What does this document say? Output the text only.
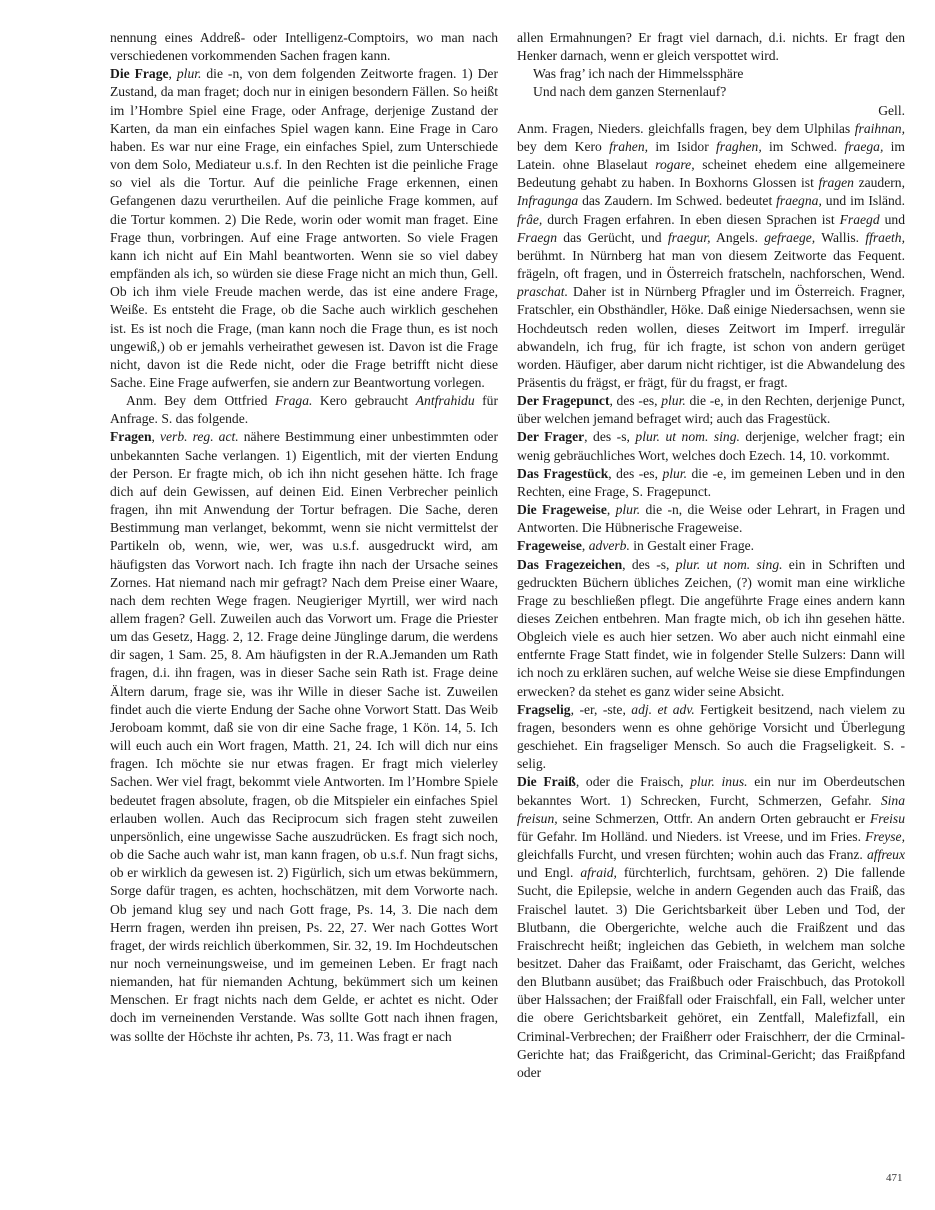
nennung eines Addreß- oder Intelligenz-Comptoirs, wo man nach verschiedenen vorkommenden Sachen fragen kann.

Die Frage, plur. die -n, von dem folgenden Zeitworte fragen. 1) Der Zustand, da man fraget; doch nur in einigen besondern Fällen. So heißt im l’Hombre Spiel eine Frage, oder Anfrage, derjenige Zustand der Karten, da man ein einfaches Spiel wagen kann. Eine Frage in Caro haben. Es war nur eine Frage, ein einfaches Spiel, zum Unterschiede von dem Solo, Mediateur u.s.f. In den Rechten ist die peinliche Frage so viel als die Tortur. Auf die peinliche Frage erkennen, einen Gefangenen dazu verurtheilen. Auf die peinliche Frage kommen, auf die Tortur kommen. 2) Die Rede, worin oder womit man fraget. Eine Frage thun, vorbringen. Auf eine Frage antworten. So viele Fragen kann ich nicht auf Ein Mahl beantworten. Wenn sie so viel dabey empfänden als ich, so würden sie diese Frage nicht an mich thun, Gell. Ob ich ihm viele Freude machen werde, das ist eine andere Frage, Weiße. Es entsteht die Frage, ob die Sache auch wirklich geschehen ist. Es ist noch die Frage, (man kann noch die Frage thun, es ist noch ungewiß,) ob er jemahls verheirathet gewesen ist. Davon ist die Frage nicht, davon ist die Rede nicht, oder die Frage betrifft nicht diese Sache. Eine Frage aufwerfen, sie andern zur Beantwortung vorlegen.

Anm. Bey dem Ottfried Fraga. Kero gebraucht Antfrahidu für Anfrage. S. das folgende.

Fragen, verb. reg. act. nähere Bestimmung einer unbestimmten oder unbekannten Sache verlangen. 1) Eigentlich, mit der vierten Endung der Person. Er fragte mich, ob ich ihn nicht gesehen hätte. Ich frage dich auf dein Gewissen, auf deinen Eid. Einen Verbrecher peinlich fragen, ihn mit Anwendung der Tortur befragen. Die Sache, deren Bestimmung man verlanget, bekommt, wenn sie nicht vermittelst der Partikeln ob, wenn, wie, wer, was u.s.f. ausgedruckt wird, am häufigsten das Vorwort nach. Ich fragte ihn nach der Ursache seines Zornes. Hat niemand nach mir gefragt? Nach dem Preise einer Waare, nach dem rechten Wege fragen. Neugieriger Myrtill, wer wird nach allem fragen? Gell. Zuweilen auch das Vorwort um. Frage die Priester um das Gesetz, Hagg. 2, 12. Frage deine Jünglinge darum, die werdens dir sagen, 1 Sam. 25, 8. Am häufigsten in der R.A.Jemanden um Rath fragen, d.i. ihn fragen, was in dieser Sache sein Rath ist. Frage deine Ältern darum, frage sie, was ihr Wille in dieser Sache ist. Zuweilen findet auch die vierte Endung der Sache ohne Vorwort Statt. Das Weib Jeroboam kommt, daß sie von dir eine Sache frage, 1 Kön. 14, 5. Ich will euch auch ein Wort fragen, Matth. 21, 24. Ich will dich nur eins fragen. Ich möchte sie nur etwas fragen. Er fragt mich vielerley Sachen. Wer viel fragt, bekommt viele Antworten. Im l’Hombre Spiele bedeutet fragen absolute, fragen, ob die Mitspieler ein einfaches Spiel erlauben wollen. Auch das Reciprocum sich fragen steht zuweilen unpersönlich, eine ungewisse Sache auszudrücken. Es fragt sich noch, ob die Sache auch wahr ist, man kann fragen, ob u.s.f. Nun fragt sichs, ob er wirklich da gewesen ist. 2) Figürlich, sich um etwas bekümmern, Sorge dafür tragen, es achten, hochschätzen, mit dem Vorworte nach. Ob jemand klug sey und nach Gott frage, Ps. 14, 3. Die nach dem Herrn fragen, werden ihn preisen, Ps. 22, 27. Wer nach Gottes Wort fraget, der wirds reichlich überkommen, Sir. 32, 19. Im Hochdeutschen nur noch verneinungsweise, und im gemeinen Leben. Er fragt nach niemanden, hat für niemanden Achtung, bekümmert sich um keinen Menschen. Er fragt nichts nach dem Gelde, er achtet es nicht. Oder doch im verneinenden Verstande. Was sollte Gott nach ihnen fragen, was sollte der Höchste ihr achten, Ps. 73, 11. Was fragt er nach

allen Ermahnungen? Er fragt viel darnach, d.i. nichts. Er fragt den Henker darnach, wenn er gleich verspottet wird.

Was frag’ ich nach der Himmelssphäre

Und nach dem ganzen Sternenlauf?

Gell.

Anm. Fragen, Nieders. gleichfalls fragen, bey dem Ulphilas fraihnan, bey dem Kero frahen, im Isidor fraghen, im Schwed. fraega, im Latein. ohne Blaselaut rogare, scheinet ehedem eine allgemeinere Bedeutung gehabt zu haben. In Boxhorns Glossen ist fragen zaudern, Infragunga das Zaudern. Im Schwed. bedeutet fraegna, und im Isländ. frâe, durch Fragen erfahren. In eben diesen Sprachen ist Fraegd und Fraegn das Gerücht, und fraegur, Angels. gefraege, Wallis. ffraeth, berühmt. In Nürnberg hat man von diesem Zeitworte das Fequent. frägeln, oft fragen, und in Österreich fratscheln, nachforschen, Wend. praschat. Daher ist in Nürnberg Pfragler und im Österreich. Fragner, Fratschler, ein Obsthändler, Höke. Daß einige Niedersachsen, wenn sie Hochdeutsch reden wollen, dieses Zeitwort im Imperf. irregulär abwandeln, ich frug, für ich fragte, ist schon von andern gerüget worden. Häufiger, aber darum nicht richtiger, ist die Abwandelung des Präsentis du frägst, er frägt, für du fragst, er fragt.

Der Fragepunct, des -es, plur. die -e, in den Rechten, derjenige Punct, über welchen jemand befraget wird; auch das Fragestück.

Der Frager, des -s, plur. ut nom. sing. derjenige, welcher fragt; ein wenig gebräuchliches Wort, welches doch Ezech. 14, 10. vorkommt.

Das Fragestück, des -es, plur. die -e, im gemeinen Leben und in den Rechten, eine Frage, S. Fragepunct.

Die Frageweise, plur. die -n, die Weise oder Lehrart, in Fragen und Antworten. Die Hübnerische Frageweise.

Frageweise, adverb. in Gestalt einer Frage.

Das Fragezeichen, des -s, plur. ut nom. sing. ein in Schriften und gedruckten Büchern übliches Zeichen, (?) womit man eine wirkliche Frage zu beschließen pflegt. Die angeführte Frage eines andern kann dieses Zeichen entbehren. Man fragte mich, ob ich ihn gesehen hätte. Obgleich viele es auch hier setzen. Wo aber auch nicht einmahl eine entfernte Frage Statt findet, wie in folgender Stelle Sulzers: Dann will ich noch zu erklären suchen, auf welche Weise sie diese Empfindungen erwecken? da stehet es ganz wider seine Absicht.

Fragselig, -er, -ste, adj. et adv. Fertigkeit besitzend, nach vielem zu fragen, besonders wenn es ohne gehörige Vorsicht und Überlegung geschiehet. Ein fragseliger Mensch. So auch die Fragseligkeit. S. -selig.

Die Fraiß, oder die Fraisch, plur. inus. ein nur im Oberdeutschen bekanntes Wort. 1) Schrecken, Furcht, Schmerzen, Gefahr. Sina freisun, seine Schmerzen, Ottfr. An andern Orten gebraucht er Freisu für Gefahr. Im Holländ. und Nieders. ist Vreese, und im Fries. Freyse, gleichfalls Furcht, und vresen fürchten; wohin auch das Franz. affreux und Engl. afraid, fürchterlich, furchtsam, gehören. 2) Die fallende Sucht, die Epilepsie, welche in andern Gegenden auch das Fraiß, das Fraischel lautet. 3) Die Gerichtsbarkeit über Leben und Tod, der Blutbann, die Obergerichte, welche auch die Fraißzent und das Fraischrecht heißt; ingleichen das Gebieth, in welchem man solche besitzet. Daher das Fraißamt, oder Fraischamt, das Gericht, welches den Blutbann ausübet; das Fraißbuch oder Fraischbuch, das Protokoll über Halssachen; der Fraißfall oder Fraischfall, ein Fall, welcher unter die obere Gerichtsbarkeit gehöret, ein Zentfall, Malefizfall, ein Criminal-Verbrechen; der Fraißherr oder Fraischherr, der die Crminal-Gerichte hat; das Fraißgericht, das Criminal-Gericht; das Fraißpfand oder

471
